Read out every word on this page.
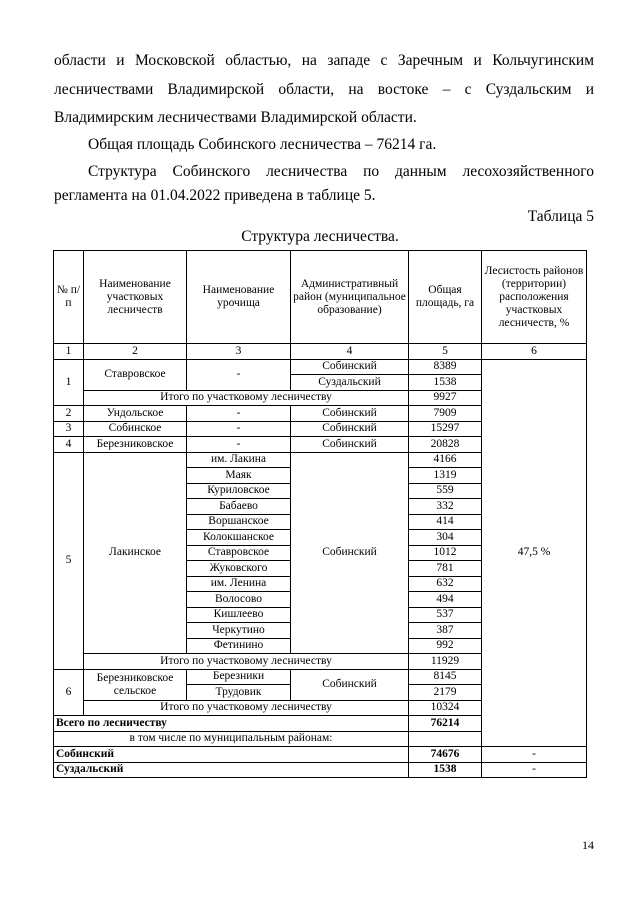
области и Московской областью, на западе с Заречным и Кольчугинским
лесничествами Владимирской области, на востоке – с Суздальским и
Владимирским лесничествами Владимирской области.
Общая площадь Собинского лесничества – 76214 га.
Структура Собинского лесничества по данным лесохозяйственного
регламента на 01.04.2022 приведена в таблице 5.
Таблица 5
Структура лесничества.
№ п/п	Наименование участковых лесничеств	Наименование урочища	Административный район (муниципальное образование)	Общая площадь, га	Лесистость районов (территории) расположения участковых лесничеств, %	
1	2	3	4	5	6	
1	Ставровское	-	Собинский	8389	47,5 %	
			Суздальский	1538		
	Итого по участковому лесничеству			9927		
2	Ундольское	-	Собинский	7909		
3	Собинское	-	Собинский	15297		
4	Березниковское	-	Собинский	20828		
5	Лакинское	им. Лакина	Собинский	4166		
		Маяк		1319		
		Куриловское		559		
		Бабаево		332		
		Воршанское		414		
		Колокшанское		304		
		Ставровское		1012		
		Жуковского		781		
		им. Ленина		632		
		Волосово		494		
		Кишлеево		537		
		Черкутино		387		
		Фетинино		992		
	Итого по участковому лесничеству			11929		
6	Березниковское сельское	Березники	Собинский	8145		
		Трудовик		2179		
	Итого по участковому лесничеству			10324		
Всего по лесничеству				76214	
в том числе по муниципальным районам:		
Собинский				74676	-	
Суздальский				1538	-	
14
